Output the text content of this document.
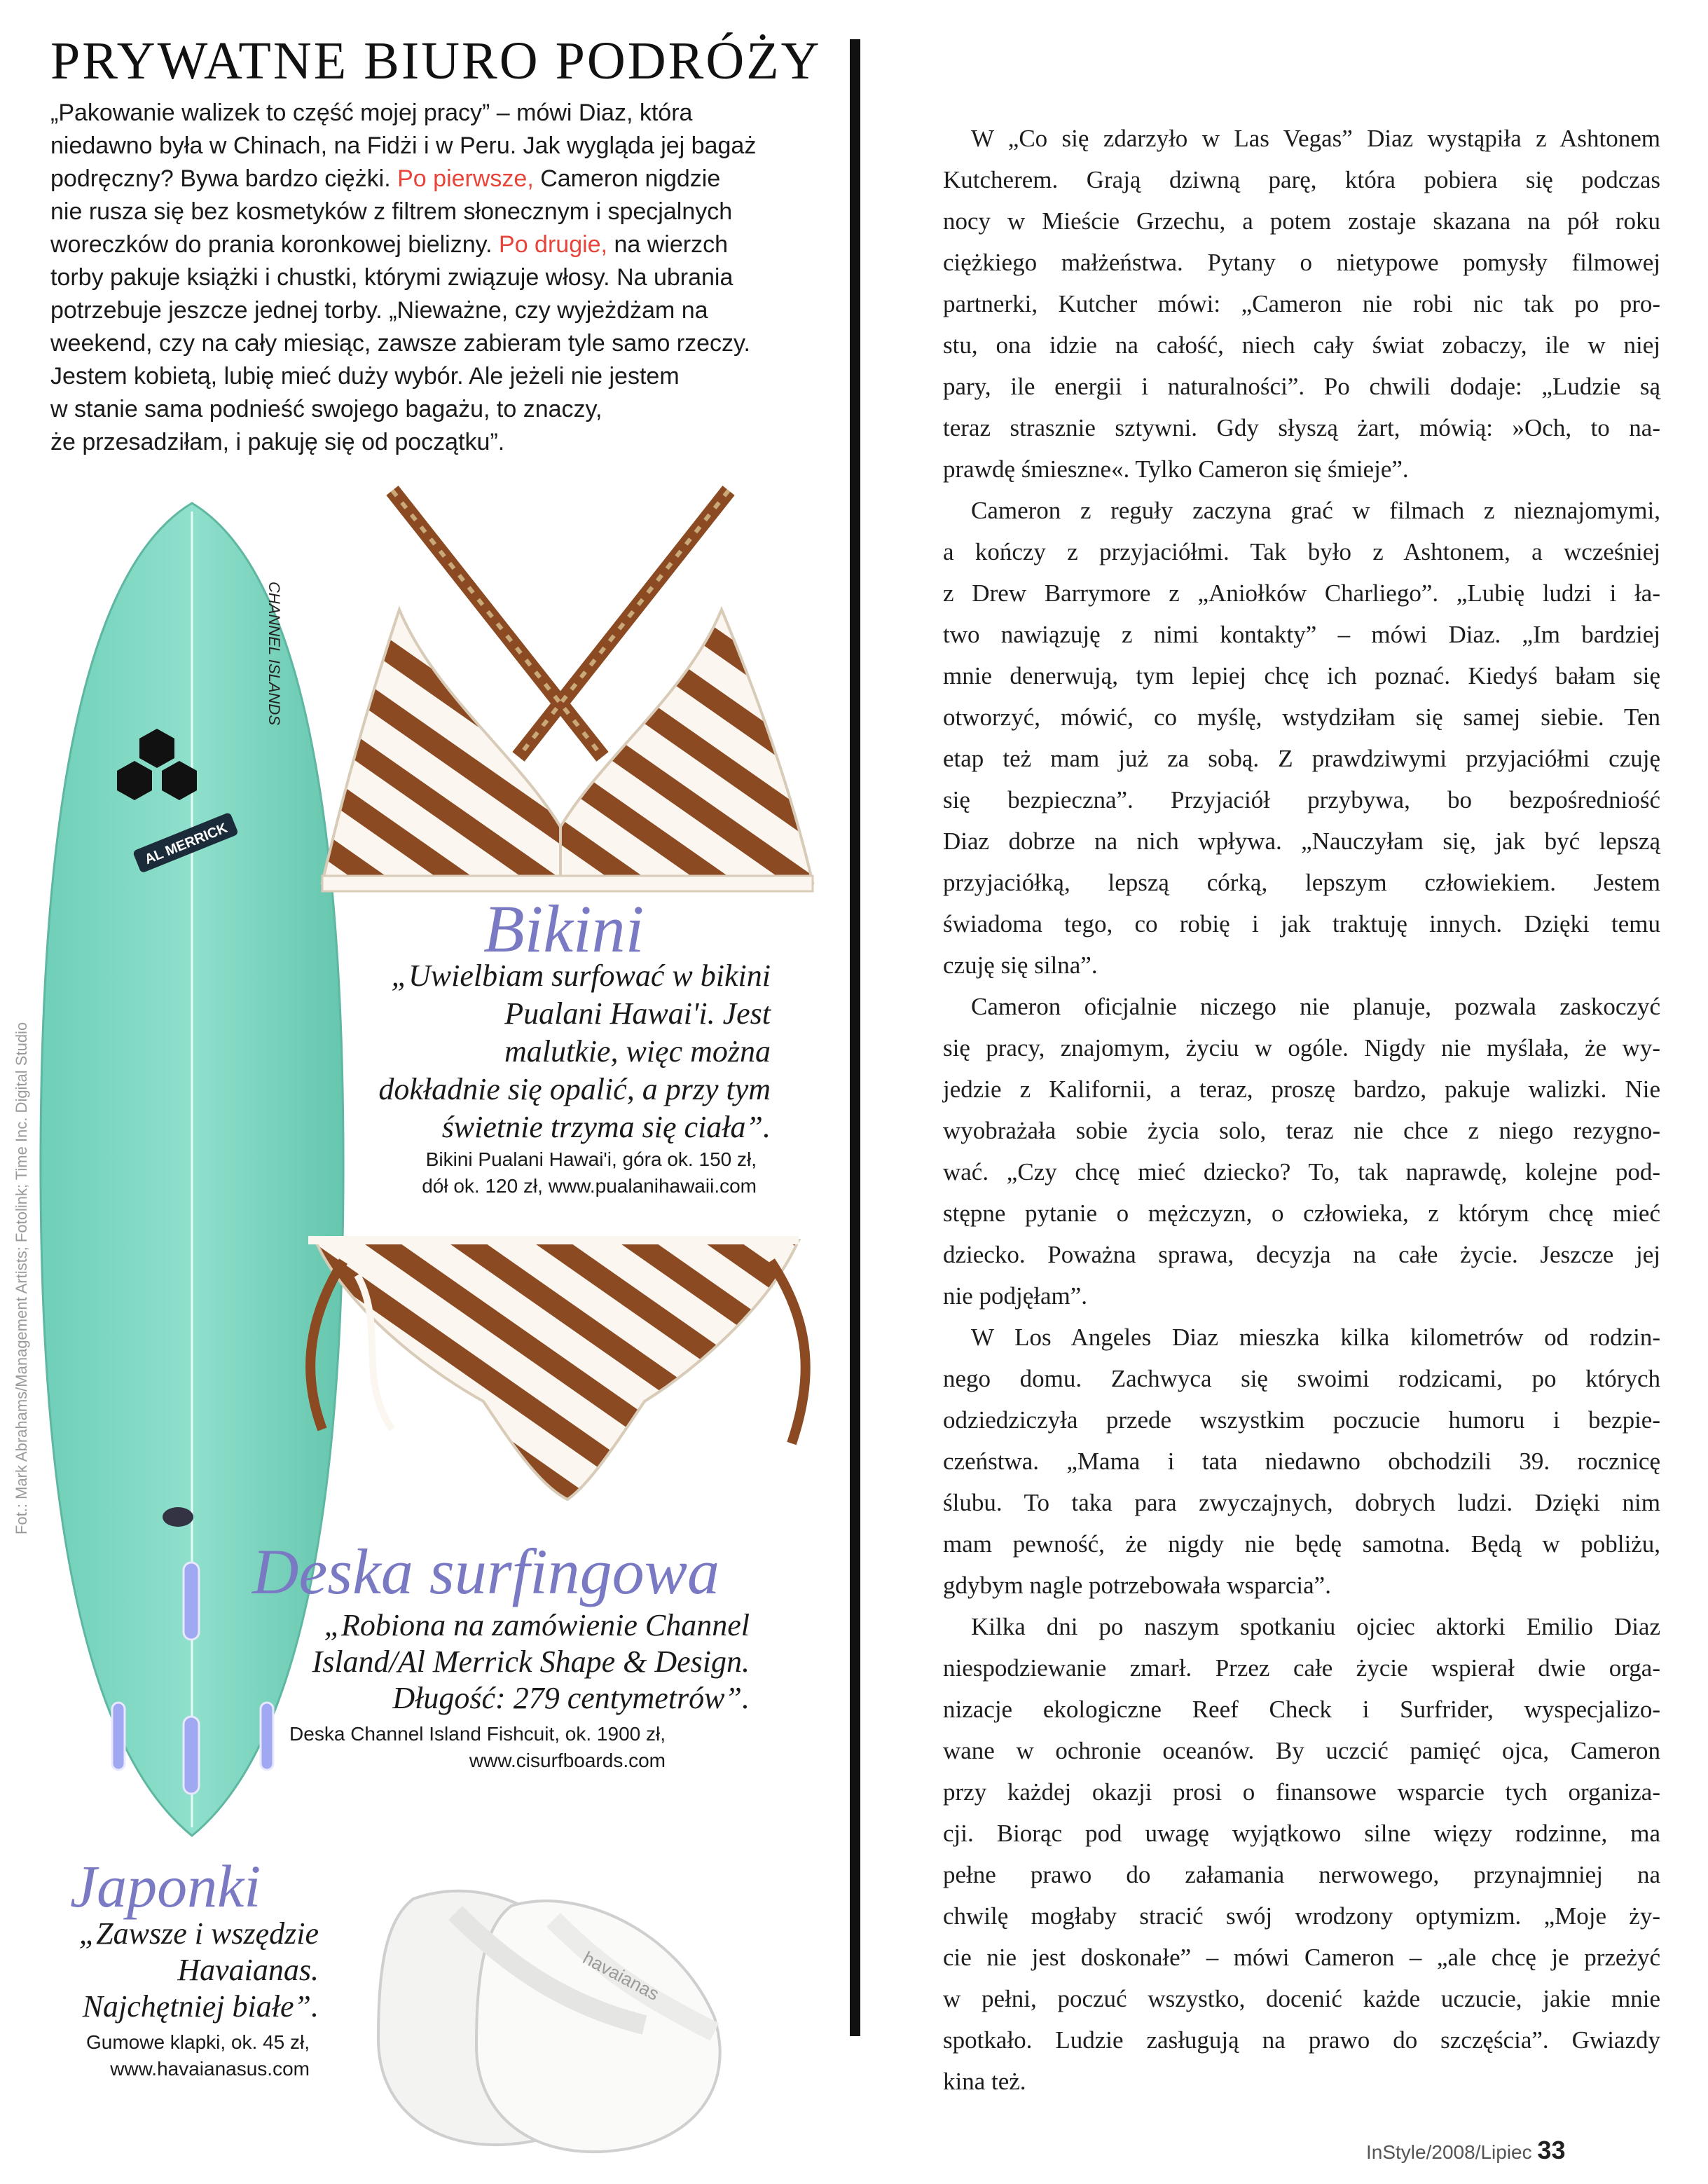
PRYWATNE BIURO PODRÓŻY
„Pakowanie walizek to część mojej pracy” – mówi Diaz, która
niedawno była w Chinach, na Fidżi i w Peru. Jak wygląda jej bagaż
podręczny? Bywa bardzo ciężki. Po pierwsze, Cameron nigdzie
nie rusza się bez kosmetyków z filtrem słonecznym i specjalnych
woreczków do prania koronkowej bielizny. Po drugie, na wierzch
torby pakuje książki i chustki, którymi związuje włosy. Na ubrania
potrzebuje jeszcze jednej torby. „Nieważne, czy wyjeżdżam na
weekend, czy na cały miesiąc, zawsze zabieram tyle samo rzeczy.
Jestem kobietą, lubię mieć duży wybór. Ale jeżeli nie jestem
w stanie sama podnieść swojego bagażu, to znaczy,
że przesadziłam, i pakuję się od początku”.
Fot.: Mark Abrahams/Management Artists; Fotolink; Time Inc. Digital Studio
CHANNEL ISLANDS
AL MERRICK
havaianas
Bikini
„Uwielbiam surfować w bikini
Pualani Hawai'i. Jest
malutkie, więc można
dokładnie się opalić, a przy tym
świetnie trzyma się ciała”.
Bikini Pualani Hawai'i, góra ok. 150 zł,
dół ok. 120 zł, www.pualanihawaii.com
Deska surfingowa
„Robiona na zamówienie Channel
Island/Al Merrick Shape & Design.
Długość: 279 centymetrów”.
Deska Channel Island Fishcuit, ok. 1900 zł,
www.cisurfboards.com
Japonki
„Zawsze i wszędzie
Havaianas.
Najchętniej białe”.
Gumowe klapki, ok. 45 zł,
www.havaianasus.com
W „Co się zdarzyło w Las Vegas” Diaz wystąpiła z Ashtonem
Kutcherem. Grają dziwną parę, która pobiera się podczas
nocy w Mieście Grzechu, a potem zostaje skazana na pół roku
ciężkiego małżeństwa. Pytany o nietypowe pomysły filmowej
partnerki, Kutcher mówi: „Cameron nie robi nic tak po pro-
stu, ona idzie na całość, niech cały świat zobaczy, ile w niej
pary, ile energii i naturalności”. Po chwili dodaje: „Ludzie są
teraz strasznie sztywni. Gdy słyszą żart, mówią: »Och, to na-
prawdę śmieszne«. Tylko Cameron się śmieje”.
Cameron z reguły zaczyna grać w filmach z nieznajomymi,
a kończy z przyjaciółmi. Tak było z Ashtonem, a wcześniej
z Drew Barrymore z „Aniołków Charliego”. „Lubię ludzi i ła-
two nawiązuję z nimi kontakty” – mówi Diaz. „Im bardziej
mnie denerwują, tym lepiej chcę ich poznać. Kiedyś bałam się
otworzyć, mówić, co myślę, wstydziłam się samej siebie. Ten
etap też mam już za sobą. Z prawdziwymi przyjaciółmi czuję
się bezpieczna”. Przyjaciół przybywa, bo bezpośredniość
Diaz dobrze na nich wpływa. „Nauczyłam się, jak być lepszą
przyjaciółką, lepszą córką, lepszym człowiekiem. Jestem
świadoma tego, co robię i jak traktuję innych. Dzięki temu
czuję się silna”.
Cameron oficjalnie niczego nie planuje, pozwala zaskoczyć
się pracy, znajomym, życiu w ogóle. Nigdy nie myślała, że wy-
jedzie z Kalifornii, a teraz, proszę bardzo, pakuje walizki. Nie
wyobrażała sobie życia solo, teraz nie chce z niego rezygno-
wać. „Czy chcę mieć dziecko? To, tak naprawdę, kolejne pod-
stępne pytanie o mężczyzn, o człowieka, z którym chcę mieć
dziecko. Poważna sprawa, decyzja na całe życie. Jeszcze jej
nie podjęłam”.
W Los Angeles Diaz mieszka kilka kilometrów od rodzin-
nego domu. Zachwyca się swoimi rodzicami, po których
odziedziczyła przede wszystkim poczucie humoru i bezpie-
czeństwa. „Mama i tata niedawno obchodzili 39. rocznicę
ślubu. To taka para zwyczajnych, dobrych ludzi. Dzięki nim
mam pewność, że nigdy nie będę samotna. Będą w pobliżu,
gdybym nagle potrzebowała wsparcia”.
Kilka dni po naszym spotkaniu ojciec aktorki Emilio Diaz
niespodziewanie zmarł. Przez całe życie wspierał dwie orga-
nizacje ekologiczne Reef Check i Surfrider, wyspecjalizo-
wane w ochronie oceanów. By uczcić pamięć ojca, Cameron
przy każdej okazji prosi o finansowe wsparcie tych organiza-
cji. Biorąc pod uwagę wyjątkowo silne więzy rodzinne, ma
pełne prawo do załamania nerwowego, przynajmniej na
chwilę mogłaby stracić swój wrodzony optymizm. „Moje ży-
cie nie jest doskonałe” – mówi Cameron – „ale chcę je przeżyć
w pełni, poczuć wszystko, docenić każde uczucie, jakie mnie
spotkało. Ludzie zasługują na prawo do szczęścia”. Gwiazdy
kina też.
InStyle/2008/Lipiec 33
